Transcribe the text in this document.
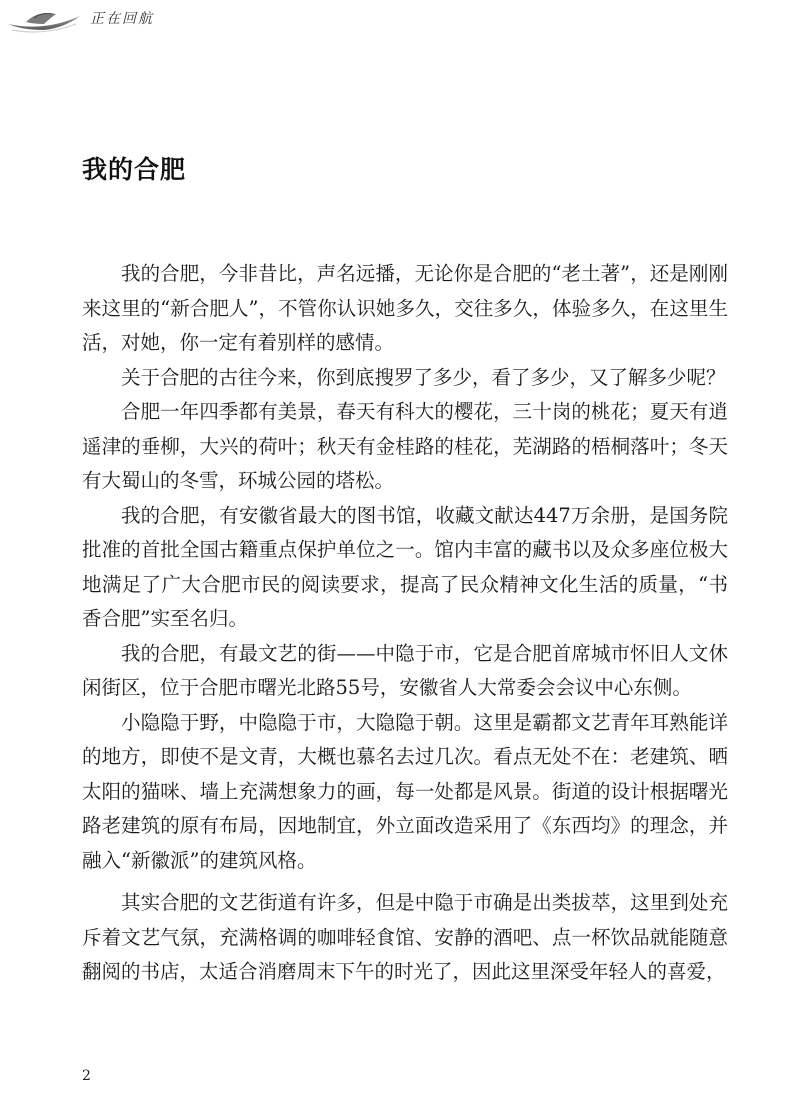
正在回航
我的合肥

我的合肥，今非昔比，声名远播，无论你是合肥的“老土著”，还是刚刚来这里的“新合肥人”，不管你认识她多久，交往多久，体验多久，在这里生活，对她，你一定有着别样的感情。

关于合肥的古往今来，你到底搜罗了多少，看了多少，又了解多少呢？

合肥一年四季都有美景，春天有科大的樱花，三十岗的桃花；夏天有逍遥津的垂柳，大兴的荷叶；秋天有金桂路的桂花，芜湖路的梧桐落叶；冬天有大蜀山的冬雪，环城公园的塔松。

我的合肥，有安徽省最大的图书馆，收藏文献达447万余册，是国务院批准的首批全国古籍重点保护单位之一。馆内丰富的藏书以及众多座位极大地满足了广大合肥市民的阅读要求，提高了民众精神文化生活的质量，“书香合肥”实至名归。

我的合肥，有最文艺的街——中隐于市，它是合肥首席城市怀旧人文休闲街区，位于合肥市曙光北路55号，安徽省人大常委会会议中心东侧。

小隐隐于野，中隐隐于市，大隐隐于朝。这里是霸都文艺青年耳熟能详的地方，即使不是文青，大概也慕名去过几次。看点无处不在：老建筑、晒太阳的猫咪、墙上充满想象力的画，每一处都是风景。街道的设计根据曙光路老建筑的原有布局，因地制宜，外立面改造采用了《东西均》的理念，并融入“新徽派”的建筑风格。

其实合肥的文艺街道有许多，但是中隐于市确是出类拔萃，这里到处充斥着文艺气氛，充满格调的咖啡轻食馆、安静的酒吧、点一杯饮品就能随意翻阅的书店，太适合消磨周末下午的时光了，因此这里深受年轻人的喜爱，

2
